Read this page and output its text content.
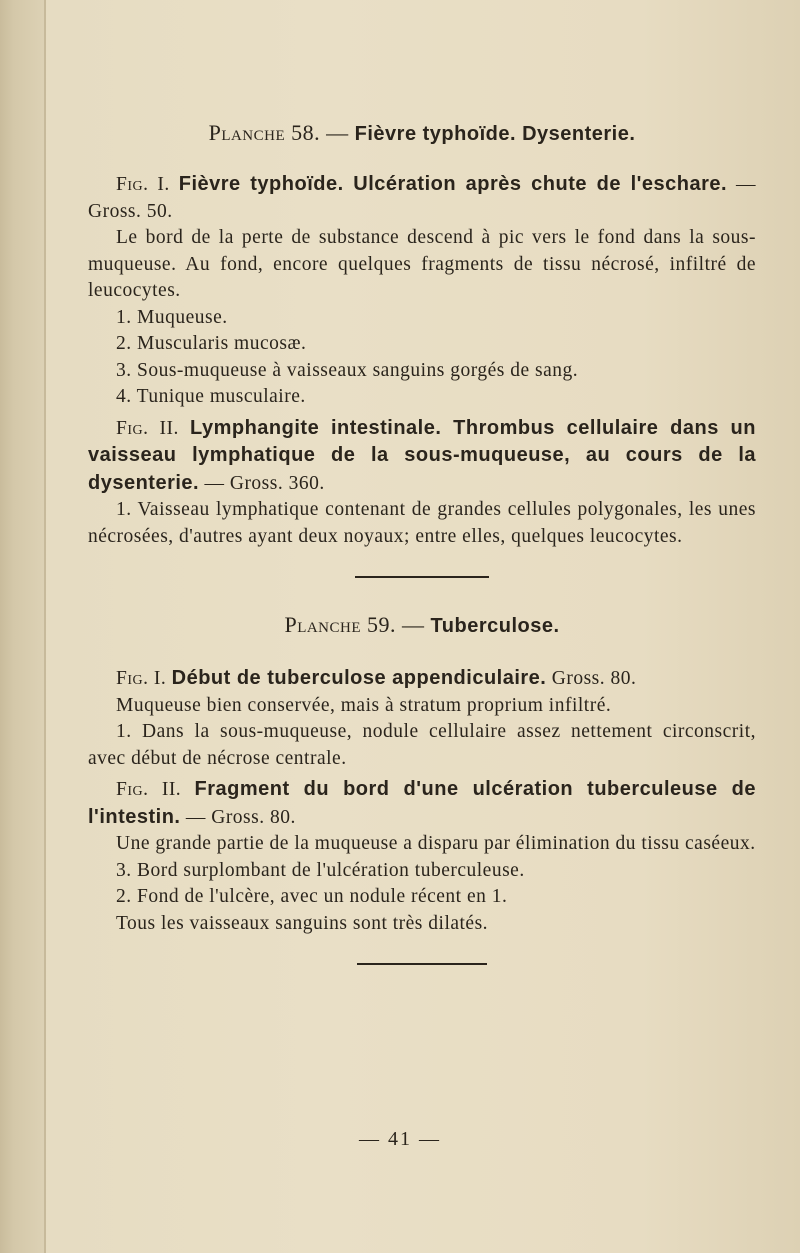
Planche 58. — Fièvre typhoïde. Dysenterie.

Fig. I. Fièvre typhoïde. Ulcération après chute de l'eschare. — Gross. 50.

Le bord de la perte de substance descend à pic vers le fond dans la sous-muqueuse. Au fond, encore quelques fragments de tissu nécrosé, infiltré de leucocytes.

1. Muqueuse.

2. Muscularis mucosæ.

3. Sous-muqueuse à vaisseaux sanguins gorgés de sang.

4. Tunique musculaire.

Fig. II. Lymphangite intestinale. Thrombus cellulaire dans un vaisseau lymphatique de la sous-muqueuse, au cours de la dysenterie. — Gross. 360.

1. Vaisseau lymphatique contenant de grandes cellules polygonales, les unes nécrosées, d'autres ayant deux noyaux; entre elles, quelques leucocytes.

Planche 59. — Tuberculose.

Fig. I. Début de tuberculose appendiculaire. Gross. 80.

Muqueuse bien conservée, mais à stratum proprium infiltré.

1. Dans la sous-muqueuse, nodule cellulaire assez nettement circonscrit, avec début de nécrose centrale.

Fig. II. Fragment du bord d'une ulcération tuberculeuse de l'intestin. — Gross. 80.

Une grande partie de la muqueuse a disparu par élimination du tissu caséeux.

3. Bord surplombant de l'ulcération tuberculeuse.

2. Fond de l'ulcère, avec un nodule récent en 1.

Tous les vaisseaux sanguins sont très dilatés.

— 41 —
